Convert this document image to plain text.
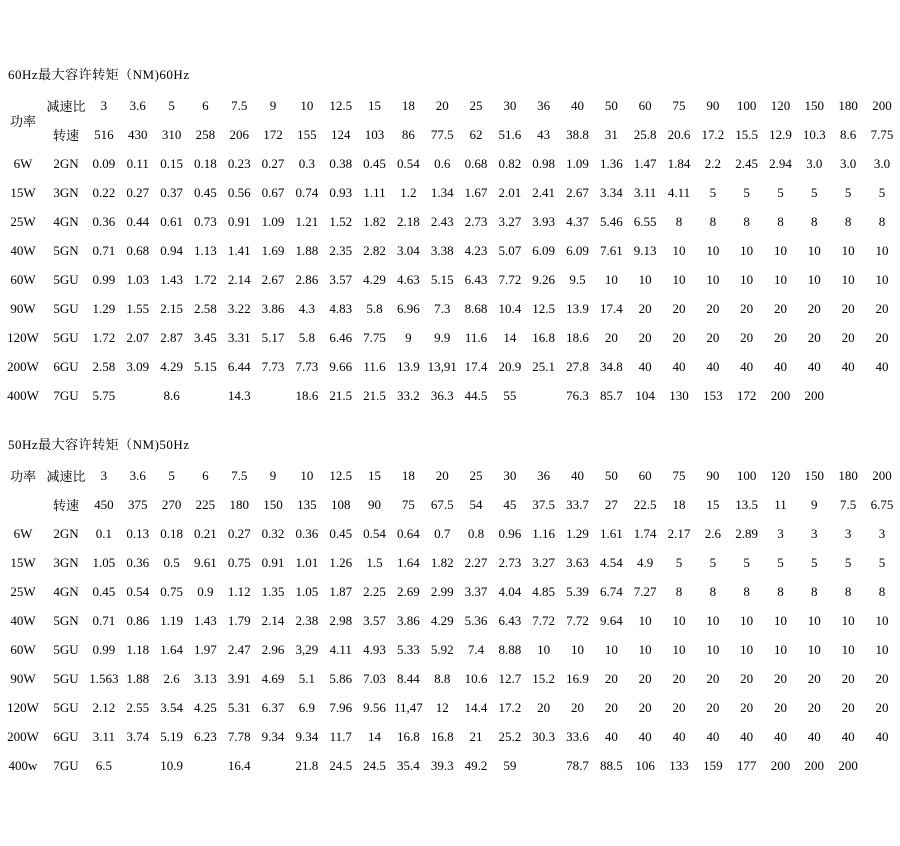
60Hz最大容许转矩（NM)60Hz
功率	减速比	3	3.6	5	6	7.5	9	10	12.5	15	18	20	25	30	36	40	50	60	75	90	100	120	150	180	200
	转速	516	430	310	258	206	172	155	124	103	86	77.5	62	51.6	43	38.8	31	25.8	20.6	17.2	15.5	12.9	10.3	8.6	7.75
6W	2GN	0.09	0.11	0.15	0.18	0.23	0.27	0.3	0.38	0.45	0.54	0.6	0.68	0.82	0.98	1.09	1.36	1.47	1.84	2.2	2.45	2.94	3.0	3.0	3.0
15W	3GN	0.22	0.27	0.37	0.45	0.56	0.67	0.74	0.93	1.11	1.2	1.34	1.67	2.01	2.41	2.67	3.34	3.11	4.11	5	5	5	5	5	5
25W	4GN	0.36	0.44	0.61	0.73	0.91	1.09	1.21	1.52	1.82	2.18	2.43	2.73	3.27	3.93	4.37	5.46	6.55	8	8	8	8	8	8	8
40W	5GN	0.71	0.68	0.94	1.13	1.41	1.69	1.88	2.35	2.82	3.04	3.38	4.23	5.07	6.09	6.09	7.61	9.13	10	10	10	10	10	10	10
60W	5GU	0.99	1.03	1.43	1.72	2.14	2.67	2.86	3.57	4.29	4.63	5.15	6.43	7.72	9.26	9.5	10	10	10	10	10	10	10	10	10
90W	5GU	1.29	1.55	2.15	2.58	3.22	3.86	4.3	4.83	5.8	6.96	7.3	8.68	10.4	12.5	13.9	17.4	20	20	20	20	20	20	20	20
120W	5GU	1.72	2.07	2.87	3.45	3.31	5.17	5.8	6.46	7.75	9	9.9	11.6	14	16.8	18.6	20	20	20	20	20	20	20	20	20
200W	6GU	2.58	3.09	4.29	5.15	6.44	7.73	7.73	9.66	11.6	13.9	13,91	17.4	20.9	25.1	27.8	34.8	40	40	40	40	40	40	40	40
400W	7GU	5.75		8.6		14.3		18.6	21.5	21.5	33.2	36.3	44.5	55		76.3	85.7	104	130	153	172	200	200		
50Hz最大容许转矩（NM)50Hz
功率	减速比	3	3.6	5	6	7.5	9	10	12.5	15	18	20	25	30	36	40	50	60	75	90	100	120	150	180	200
	转速	450	375	270	225	180	150	135	108	90	75	67.5	54	45	37.5	33.7	27	22.5	18	15	13.5	11	9	7.5	6.75
6W	2GN	0.1	0.13	0.18	0.21	0.27	0.32	0.36	0.45	0.54	0.64	0.7	0.8	0.96	1.16	1.29	1.61	1.74	2.17	2.6	2.89	3	3	3	3
15W	3GN	1.05	0.36	0.5	9.61	0.75	0.91	1.01	1.26	1.5	1.64	1.82	2.27	2.73	3.27	3.63	4.54	4.9	5	5	5	5	5	5	5
25W	4GN	0.45	0.54	0.75	0.9	1.12	1.35	1.05	1.87	2.25	2.69	2.99	3.37	4.04	4.85	5.39	6.74	7.27	8	8	8	8	8	8	8
40W	5GN	0.71	0.86	1.19	1.43	1.79	2.14	2.38	2.98	3.57	3.86	4.29	5.36	6.43	7.72	7.72	9.64	10	10	10	10	10	10	10	10
60W	5GU	0.99	1.18	1.64	1.97	2.47	2.96	3,29	4.11	4.93	5.33	5.92	7.4	8.88	10	10	10	10	10	10	10	10	10	10	10
90W	5GU	1.563	1.88	2.6	3.13	3.91	4.69	5.1	5.86	7.03	8.44	8.8	10.6	12.7	15.2	16.9	20	20	20	20	20	20	20	20	20
120W	5GU	2.12	2.55	3.54	4.25	5.31	6.37	6.9	7.96	9.56	11,47	12	14.4	17.2	20	20	20	20	20	20	20	20	20	20	20
200W	6GU	3.11	3.74	5.19	6.23	7.78	9.34	9.34	11.7	14	16.8	16.8	21	25.2	30.3	33.6	40	40	40	40	40	40	40	40	40
400w	7GU	6.5		10.9		16.4		21.8	24.5	24.5	35.4	39.3	49.2	59		78.7	88.5	106	133	159	177	200	200	200	
